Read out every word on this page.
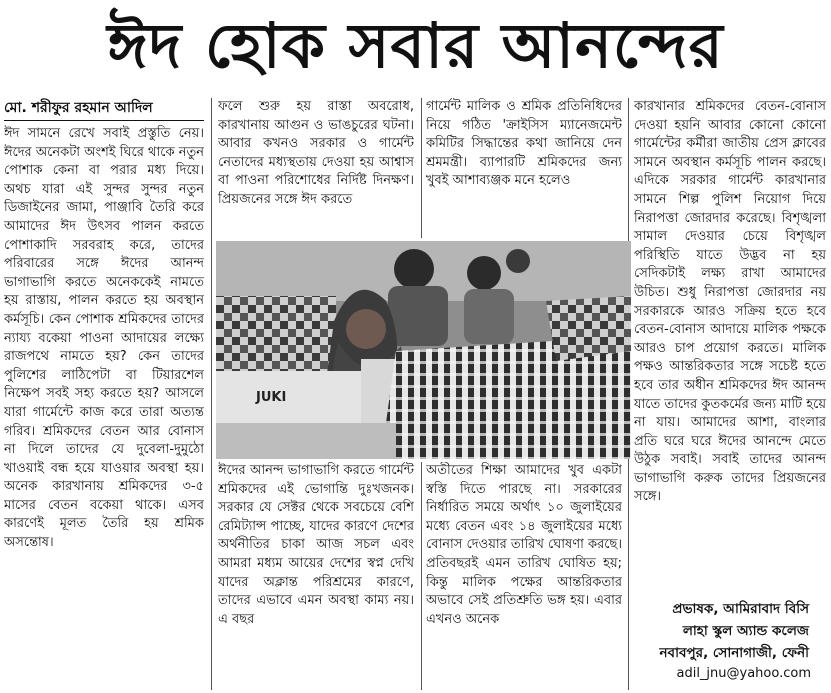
ঈদ হোক সবার আনন্দের
মো. শরীফুর রহমান আদিল

ঈদ সামনে রেখে সবাই প্রস্তুতি নেয়। ঈদের অনেকটা অংশই ঘিরে থাকে নতুন পোশাক কেনা বা পরার মধ্য দিয়ে। অথচ যারা এই সুন্দর সুন্দর নতুন ডিজাইনের জামা, পাঞ্জাবি তৈরি করে আমাদের ঈদ উৎসব পালন করতে পোশাকাদি সরবরাহ করে, তাদের পরিবারের সঙ্গে ঈদের আনন্দ ভাগাভাগি করতে অনেককেই নামতে হয় রাস্তায়, পালন করতে হয় অবস্থান কর্মসূচি। কেন পোশাক শ্রমিকদের তাদের ন্যায্য বকেয়া পাওনা আদায়ের লক্ষ্যে রাজপথে নামতে হয়? কেন তাদের পুলিশের লাঠিপেটা বা টিয়ারশেল নিক্ষেপ সবই সহ্য করতে হয়? আসলে যারা গার্মেন্টে কাজ করে তারা অত্যন্ত গরিব। শ্রমিকদের বেতন আর বোনাস না দিলে তাদের যে দুবেলা-দুমুঠো খাওয়াই বন্ধ হয়ে যাওয়ার অবস্থা হয়। অনেক কারখানায় শ্রমিকদের ৩-৫ মাসের বেতন বকেয়া থাকে। এসব কারণেই মূলত তৈরি হয় শ্রমিক অসন্তোষ।

ফলে শুরু হয় রাস্তা অবরোধ, কারখানায় আগুন ও ভাঙচুরের ঘটনা। আবার কখনও সরকার ও গার্মেন্ট নেতাদের মধ্যস্থতায় দেওয়া হয় আশ্বাস বা পাওনা পরিশোধের নির্দিষ্ট দিনক্ষণ। প্রিয়জনের সঙ্গে ঈদ করতে

গার্মেন্ট মালিক ও শ্রমিক প্রতিনিধিদের নিয়ে গঠিত 'ক্রাইসিস ম্যানেজমেন্ট কমিটির সিদ্ধান্তের কথা জানিয়ে দেন শ্রমমন্ত্রী। ব্যাপারটি শ্রমিকদের জন্য খুবই আশাব্যঞ্জক মনে হলেও

JUKI

ঈদের আনন্দ ভাগাভাগি করতে গার্মেন্ট শ্রমিকদের এই ভোগান্তি দুঃখজনক। সরকার যে সেক্টর থেকে সবচেয়ে বেশি রেমিট্যান্স পাচ্ছে, যাদের কারণে দেশের অর্থনীতির চাকা আজ সচল এবং আমরা মধ্যম আয়ের দেশের স্বপ্ন দেখি যাদের অক্লান্ত পরিশ্রমের কারণে, তাদের এভাবে এমন অবস্থা কাম্য নয়। এ বছর

অতীতের শিক্ষা আমাদের খুব একটা স্বস্তি দিতে পারছে না। সরকারের নির্ধারিত সময়ে অর্থাৎ ১০ জুলাইয়ের মধ্যে বেতন এবং ১৪ জুলাইয়ের মধ্যে বোনাস দেওয়ার তারিখ ঘোষণা করছে। প্রতিবছরই এমন তারিখ ঘোষিত হয়; কিন্তু মালিক পক্ষের আন্তরিকতার অভাবে সেই প্রতিশ্রুতি ভঙ্গ হয়। এবার এখনও অনেক

কারখানার শ্রমিকদের বেতন-বোনাস দেওয়া হয়নি আবার কোনো কোনো গার্মেন্টের কর্মীরা জাতীয় প্রেস ক্লাবের সামনে অবস্থান কর্মসূচি পালন করছে। এদিকে সরকার গার্মেন্ট কারখানার সামনে শিল্প পুলিশ নিয়োগ দিয়ে নিরাপত্তা জোরদার করেছে। বিশৃঙ্খলা সামাল দেওয়ার চেয়ে বিশৃঙ্খল পরিস্থিতি যাতে উদ্ভব না হয় সেদিকটাই লক্ষ্য রাখা আমাদের উচিত। শুধু নিরাপত্তা জোরদার নয় সরকারকে আরও সক্রিয় হতে হবে বেতন-বোনাস আদায়ে মালিক পক্ষকে আরও চাপ প্রয়োগ করতে। মালিক পক্ষও আন্তরিকতার সঙ্গে সচেষ্ট হতে হবে তার অধীন শ্রমিকদের ঈদ আনন্দ যাতে তাদের কুতকর্মের জন্য মাটি হয়ে না যায়। আমাদের আশা, বাংলার প্রতি ঘরে ঘরে ঈদের আনন্দে মেতে উঠুক সবাই। সবাই তাদের আনন্দ ভাগাভাগি করুক তাদের প্রিয়জনের সঙ্গে।

প্রভাষক, আমিরাবাদ বিসি
লাহা স্কুল অ্যান্ড কলেজ
নবাবপুর, সোনাগাজী, ফেনী
adil_jnu@yahoo.com
